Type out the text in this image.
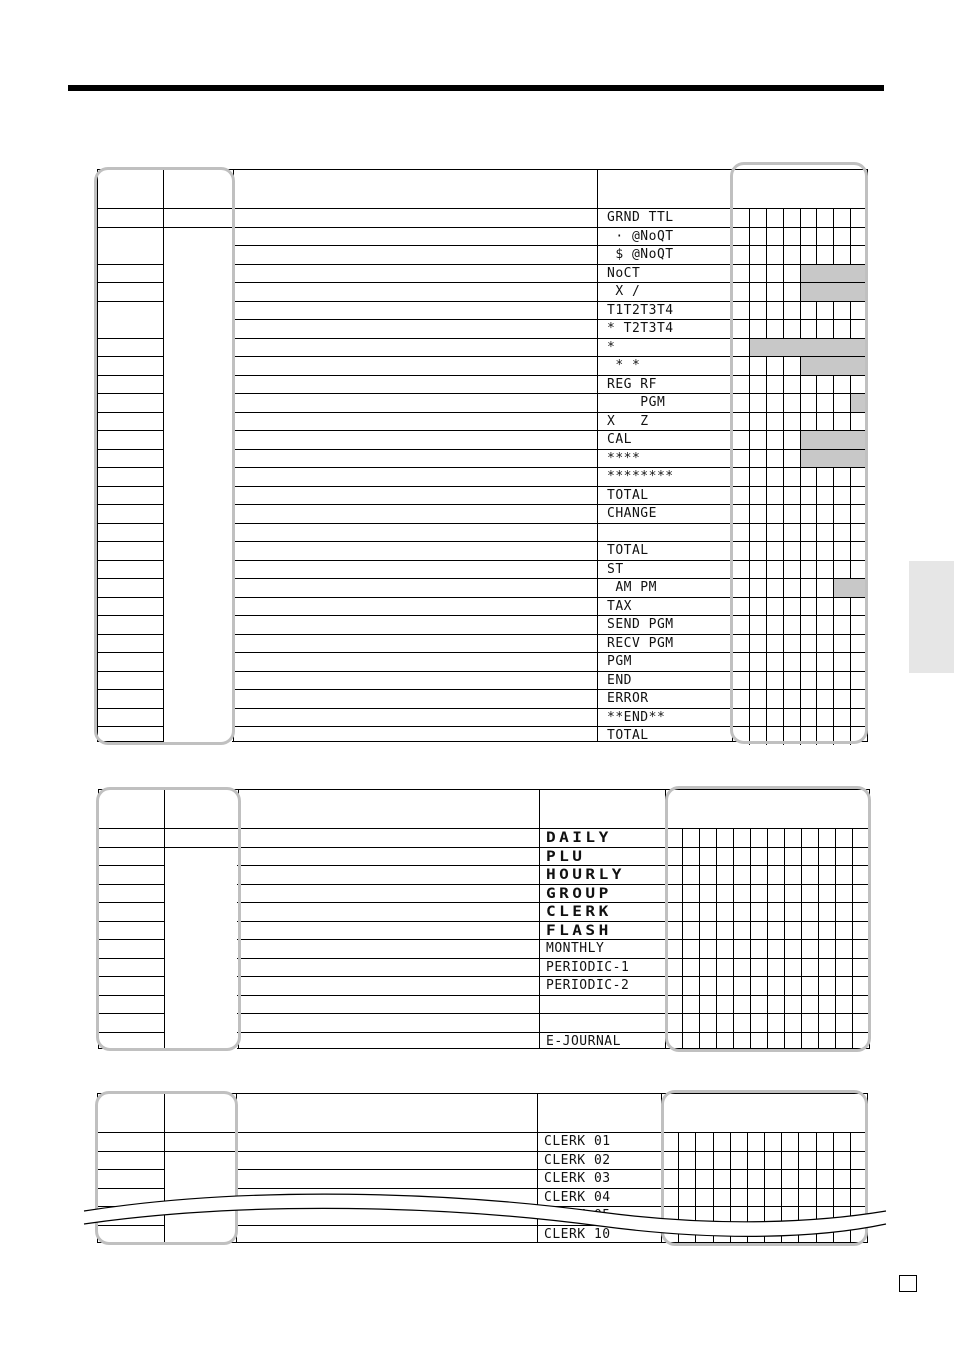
GRND TTL
· @NoQT
$ @NoQT
NoCT
X /
T1T2T3T4
* T2T3T4
*
* *
REG RF
PGM
X   Z
CAL
****
********
TOTAL
CHANGE
TOTAL
ST
AM PM
TAX
SEND PGM
RECV PGM
PGM
END
ERROR
**END**
TOTAL
DAILY
PLU
HOURLY
GROUP
CLERK
FLASH
MONTHLY
PERIODIC-1
PERIODIC-2
E-JOURNAL
CLERK 01
CLERK 02
CLERK 03
CLERK 04
CLERK 10
